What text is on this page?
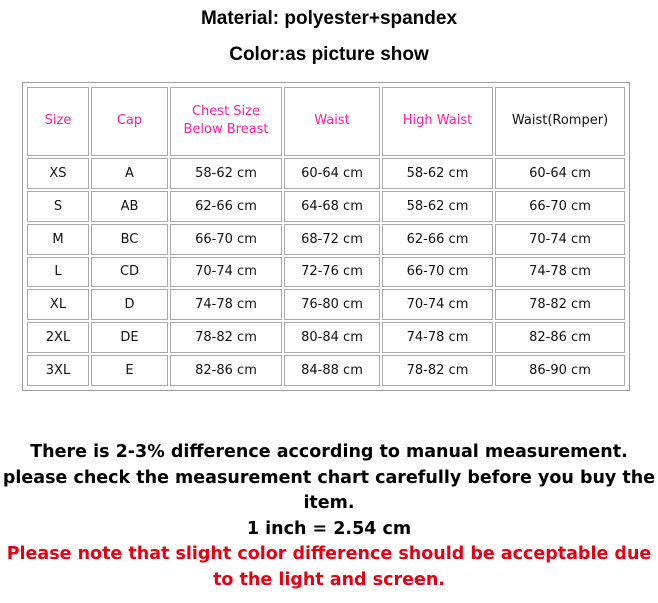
Material: polyester+spandex
Color:as picture show
Size	Cap	Chest Size Below Breast	Waist	High Waist	Waist(Romper)
XS	A	58-62 cm	60-64 cm	58-62 cm	60-64 cm
S	AB	62-66 cm	64-68 cm	58-62 cm	66-70 cm
M	BC	66-70 cm	68-72 cm	62-66 cm	70-74 cm
L	CD	70-74 cm	72-76 cm	66-70 cm	74-78 cm
XL	D	74-78 cm	76-80 cm	70-74 cm	78-82 cm
2XL	DE	78-82 cm	80-84 cm	74-78 cm	82-86 cm
3XL	E	82-86 cm	84-88 cm	78-82 cm	86-90 cm
There is 2-3% difference according to manual measurement.
please check the measurement chart carefully before you buy the item.
1 inch = 2.54 cm
Please note that slight color difference should be acceptable due to the light and screen.
